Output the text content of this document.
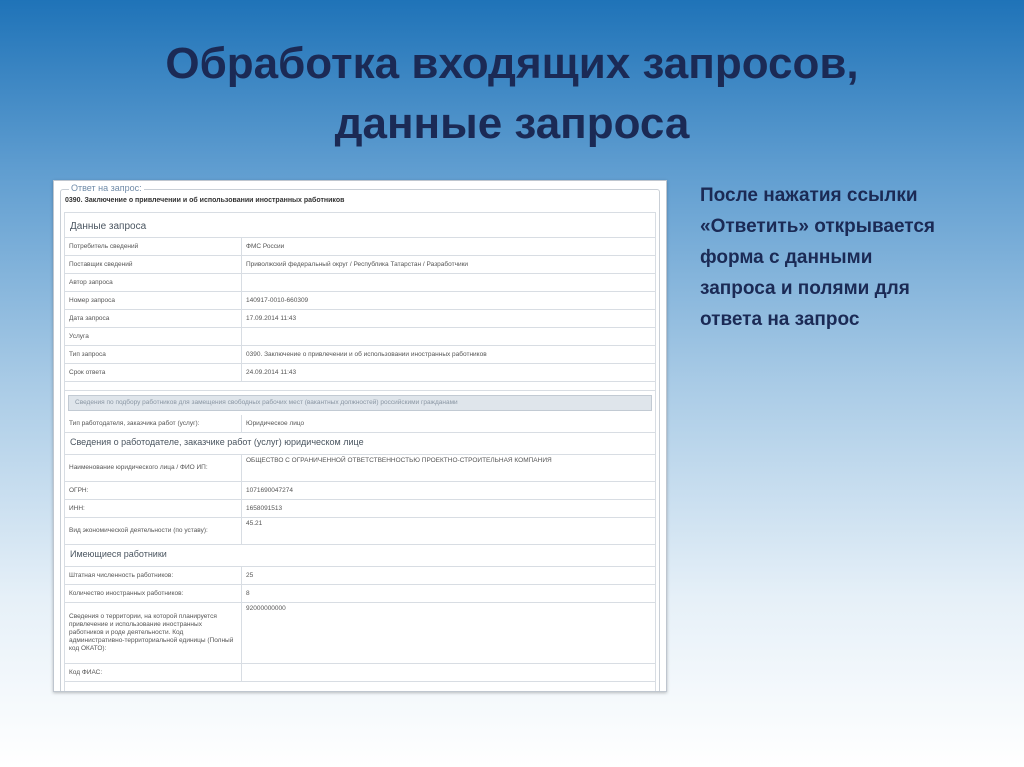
Обработка входящих запросов,
данные запроса
После нажатия ссылки
«Ответить» открывается
форма с данными
запроса и полями для
ответа на запрос
Ответ на запрос:
0390. Заключение о привлечении и об использовании иностранных работников
Данные запроса
Потребитель сведений	ФМС России
Поставщик сведений	Приволжский федеральный округ / Республика Татарстан / Разработчики
Автор запроса	
Номер запроса	140917-0010-660309
Дата запроса	17.09.2014 11:43
Услуга	
Тип запроса	0390. Заключение о привлечении и об использовании иностранных работников
Срок ответа	24.09.2014 11:43
Сведения по подбору работников для замещения свободных рабочих мест (вакантных должностей) российскими гражданами
Тип работодателя, заказчика работ (услуг):	Юридическое лицо
Сведения о работодателе, заказчике работ (услуг) юридическом лице
Наименование юридического лица / ФИО ИП:	ОБЩЕСТВО С ОГРАНИЧЕННОЙ ОТВЕТСТВЕННОСТЬЮ ПРОЕКТНО-СТРОИТЕЛЬНАЯ КОМПАНИЯ
ОГРН:	1071690047274
ИНН:	1658091513
Вид экономической деятельности (по уставу):	45.21
Имеющиеся работники
Штатная численность работников:	25
Количество иностранных работников:	8
Сведения о территории, на которой планируется привлечение и использование иностранных работников и роде деятельности. Код административно-территориальной единицы (Полный код ОКАТО):	92000000000
Код ФИАС:	
